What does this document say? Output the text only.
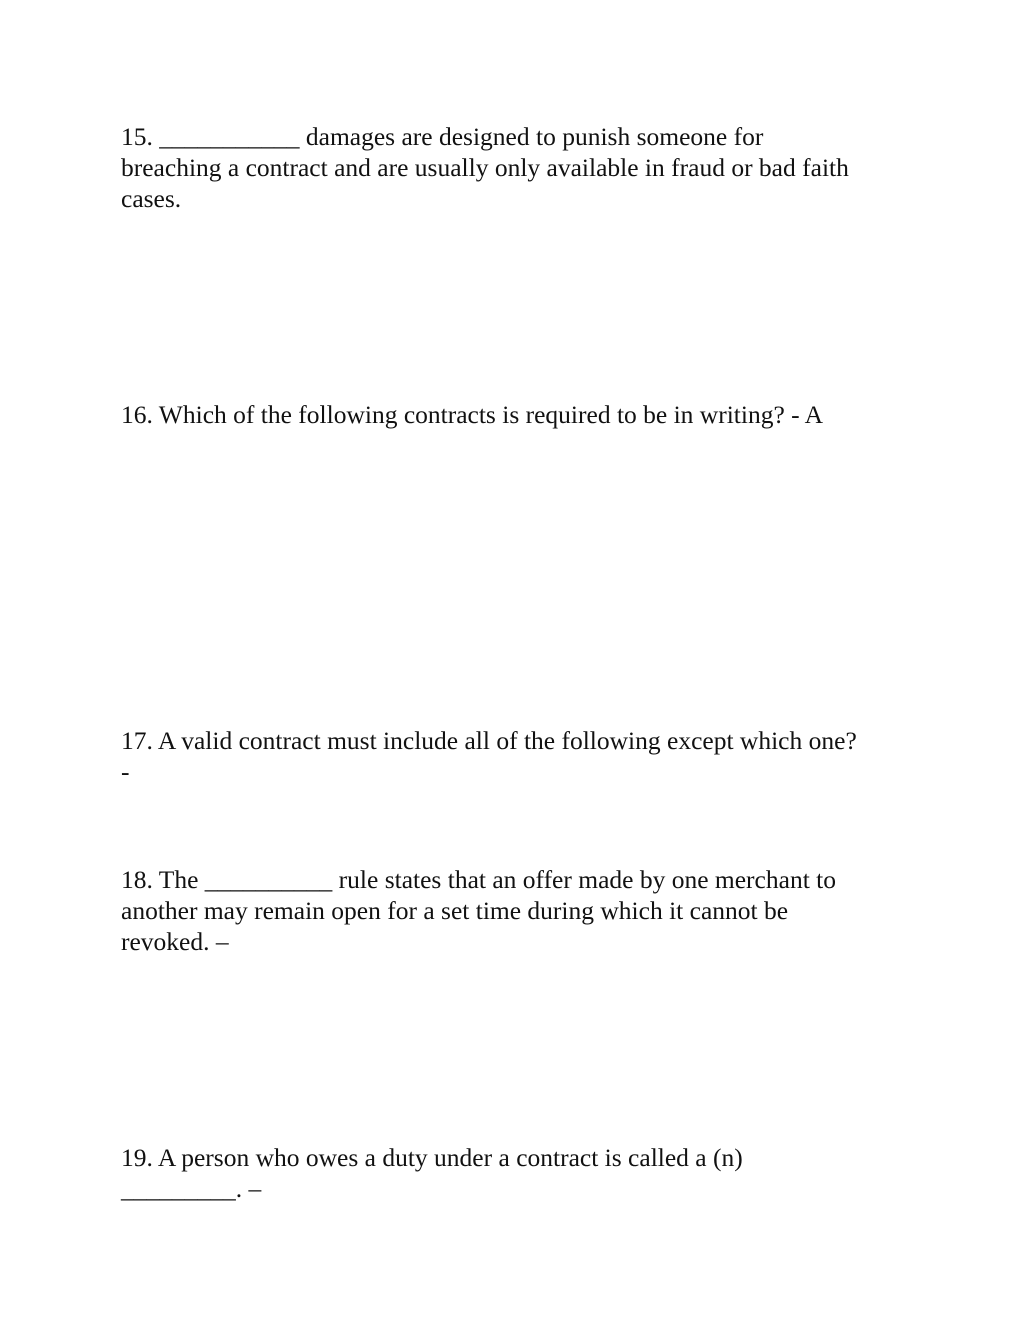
15. ___________ damages are designed to punish someone for
breaching a contract and are usually only available in fraud or bad faith
cases.

16. Which of the following contracts is required to be in writing? - A

17. A valid contract must include all of the following except which one?
-

18. The __________ rule states that an offer made by one merchant to
another may remain open for a set time during which it cannot be
revoked. –

19. A person who owes a duty under a contract is called a (n)
_________. –
